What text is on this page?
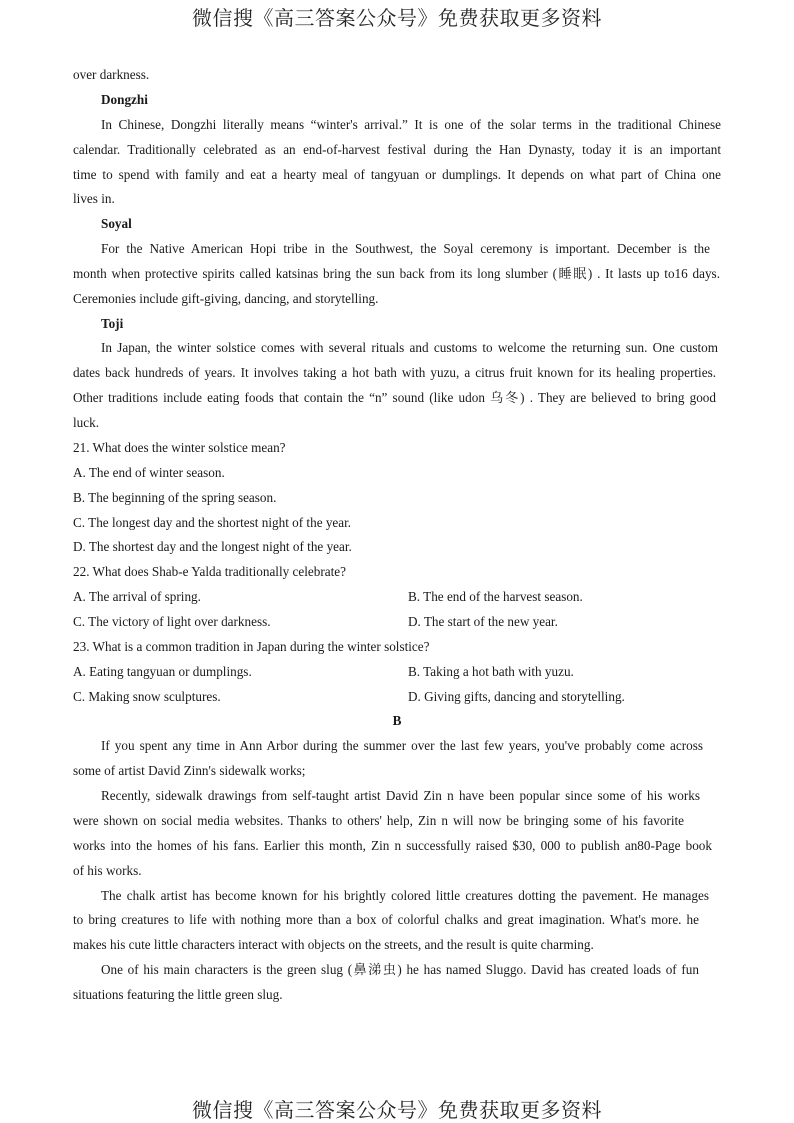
微信搜《高三答案公众号》免费获取更多资料
over darkness.
Dongzhi
In Chinese, Dongzhi literally means “winter's arrival.” It is one of the solar terms in the traditional Chinese
calendar. Traditionally celebrated as an end-of-harvest festival during the Han Dynasty, today it is an important
time to spend with family and eat a hearty meal of tangyuan or dumplings. It depends on what part of China one
lives in.
Soyal
For the Native American Hopi tribe in the Southwest, the Soyal ceremony is important. December is the
month when protective spirits called katsinas bring the sun back from its long slumber (睡眠) . It lasts up to16 days.
Ceremonies include gift-giving, dancing, and storytelling.
Toji
In Japan, the winter solstice comes with several rituals and customs to welcome the returning sun. One custom
dates back hundreds of years. It involves taking a hot bath with yuzu, a citrus fruit known for its healing properties.
Other traditions include eating foods that contain the “n” sound (like udon 乌冬) . They are believed to bring good
luck.
21. What does the winter solstice mean?
A. The end of winter season.
B. The beginning of the spring season.
C. The longest day and the shortest night of the year.
D. The shortest day and the longest night of the year.
22. What does Shab-e Yalda traditionally celebrate?
A. The arrival of spring.	B. The end of the harvest season.
C. The victory of light over darkness.	D. The start of the new year.
23. What is a common tradition in Japan during the winter solstice?
A. Eating tangyuan or dumplings.	B. Taking a hot bath with yuzu.
C. Making snow sculptures.	D. Giving gifts, dancing and storytelling.
B
If you spent any time in Ann Arbor during the summer over the last few years, you've probably come across
some of artist David Zinn's sidewalk works;
Recently, sidewalk drawings from self-taught artist David Zin n have been popular since some of his works
were shown on social media websites. Thanks to others' help, Zin n will now be bringing some of his favorite
works into the homes of his fans. Earlier this month, Zin n successfully raised $30, 000 to publish an80-Page book
of his works.
The chalk artist has become known for his brightly colored little creatures dotting the pavement. He manages
to bring creatures to life with nothing more than a box of colorful chalks and great imagination. What's more. he
makes his cute little characters interact with objects on the streets, and the result is quite charming.
One of his main characters is the green slug (鼻涕虫) he has named Sluggo. David has created loads of fun
situations featuring the little green slug.
微信搜《高三答案公众号》免费获取更多资料
